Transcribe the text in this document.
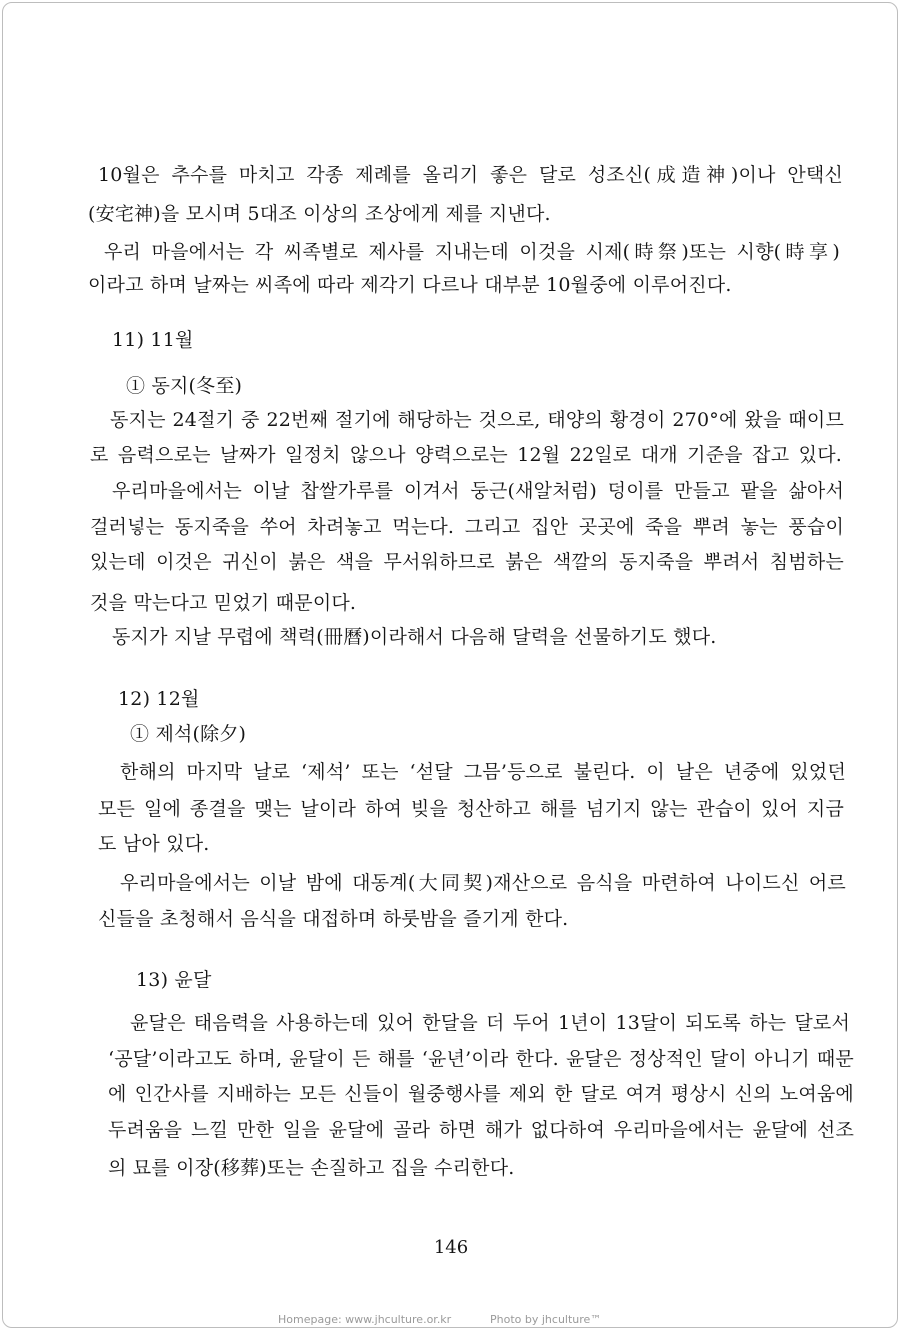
10월은 추수를 마치고 각종 제례를 올리기 좋은 달로 성조신(成造神)이나 안택신
(安宅神)을 모시며 5대조 이상의 조상에게 제를 지낸다.
우리 마을에서는 각 씨족별로 제사를 지내는데 이것을 시제(時祭)또는 시향(時享)
이라고 하며 날짜는 씨족에 따라 제각기 다르나 대부분 10월중에 이루어진다.
11) 11월
① 동지(冬至)
동지는 24절기 중 22번째 절기에 해당하는 것으로, 태양의 황경이 270°에 왔을 때이므
로 음력으로는 날짜가 일정치 않으나 양력으로는 12월 22일로 대개 기준을 잡고 있다.
우리마을에서는 이날 찹쌀가루를 이겨서 둥근(새알처럼) 덩이를 만들고 팥을 삶아서
걸러넣는 동지죽을 쑤어 차려놓고 먹는다. 그리고 집안 곳곳에 죽을 뿌려 놓는 풍습이
있는데 이것은 귀신이 붉은 색을 무서워하므로 붉은 색깔의 동지죽을 뿌려서 침범하는
것을 막는다고 믿었기 때문이다.
동지가 지날 무렵에 책력(冊曆)이라해서 다음해 달력을 선물하기도 했다.
12) 12월
① 제석(除夕)
한해의 마지막 날로 ‘제석’ 또는 ‘섣달 그믐’등으로 불린다. 이 날은 년중에 있었던
모든 일에 종결을 맺는 날이라 하여 빚을 청산하고 해를 넘기지 않는 관습이 있어 지금
도 남아 있다.
우리마을에서는 이날 밤에 대동계(大同契)재산으로 음식을 마련하여 나이드신 어르
신들을 초청해서 음식을 대접하며 하룻밤을 즐기게 한다.
13) 윤달
윤달은 태음력을 사용하는데 있어 한달을 더 두어 1년이 13달이 되도록 하는 달로서
‘공달’이라고도 하며, 윤달이 든 해를 ‘윤년’이라 한다. 윤달은 정상적인 달이 아니기 때문
에 인간사를 지배하는 모든 신들이 월중행사를 제외 한 달로 여겨 평상시 신의 노여움에
두려움을 느낄 만한 일을 윤달에 골라 하면 해가 없다하여 우리마을에서는 윤달에 선조
의 묘를 이장(移葬)또는 손질하고 집을 수리한다.
146
Homepage: www.jhculture.or.kr	Photo by jhculture™
